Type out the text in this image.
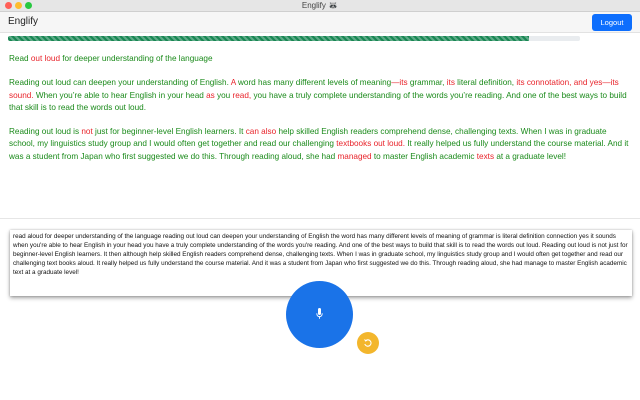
Englify 🦝
Englify	Logout

Read out loud for deeper understanding of the language

Reading out loud can deepen your understanding of English. A word has many different levels of meaning—its grammar, its literal definition, its connotation, and yes—its sound. When you’re able to hear English in your head as you read, you have a truly complete understanding of the words you’re reading. And one of the best ways to build that skill is to read the words out loud.

Reading out loud is not just for beginner-level English learners. It can also help skilled English readers comprehend dense, challenging texts. When I was in graduate school, my linguistics study group and I would often get together and read our challenging textbooks out loud. It really helped us fully understand the course material. And it was a student from Japan who first suggested we do this. Through reading aloud, she had managed to master English academic texts at a graduate level!

read aloud for deeper understanding of the language reading out loud can deepen your understanding of English the word has many different levels of meaning of grammar is literal definition connection yes it sounds when you're able to hear English in your head you have a truly complete understanding of the words you're reading. And one of the best ways to build that skill is to read the words out loud. Reading out loud is not just for beginner-level English learners. It then although help skilled English readers comprehend dense, challenging texts. When I was in graduate school, my linguistics study group and I would often get together and read our challenging text books aloud. It really helped us fully understand the course material. And it was a student from Japan who first suggested we do this. Through reading aloud, she had manage to master English academic text at a graduate level!
